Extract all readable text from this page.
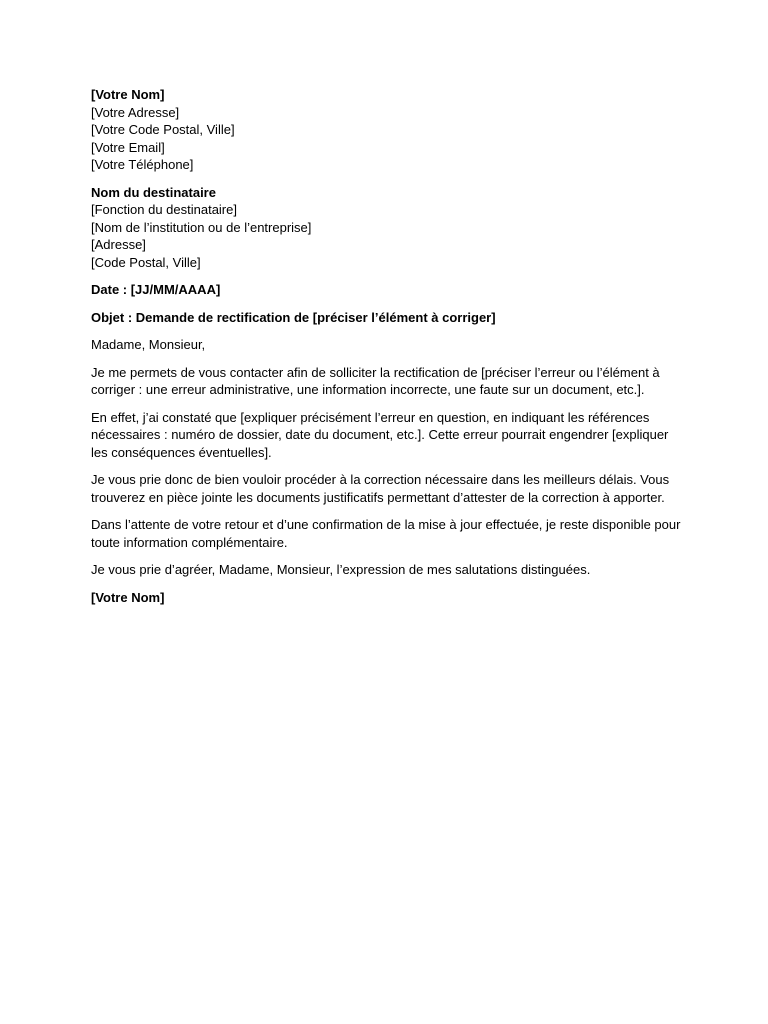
[Votre Nom]
[Votre Adresse]
[Votre Code Postal, Ville]
[Votre Email]
[Votre Téléphone]
Nom du destinataire
[Fonction du destinataire]
[Nom de l’institution ou de l’entreprise]
[Adresse]
[Code Postal, Ville]

Date : [JJ/MM/AAAA]

Objet : Demande de rectification de [préciser l’élément à corriger]

Madame, Monsieur,

Je me permets de vous contacter afin de solliciter la rectification de [préciser l’erreur ou l’élément à corriger : une erreur administrative, une information incorrecte, une faute sur un document, etc.].

En effet, j’ai constaté que [expliquer précisément l’erreur en question, en indiquant les références nécessaires : numéro de dossier, date du document, etc.]. Cette erreur pourrait engendrer [expliquer les conséquences éventuelles].

Je vous prie donc de bien vouloir procéder à la correction nécessaire dans les meilleurs délais. Vous trouverez en pièce jointe les documents justificatifs permettant d’attester de la correction à apporter.

Dans l’attente de votre retour et d’une confirmation de la mise à jour effectuée, je reste disponible pour toute information complémentaire.

Je vous prie d’agréer, Madame, Monsieur, l’expression de mes salutations distinguées.

[Votre Nom]
